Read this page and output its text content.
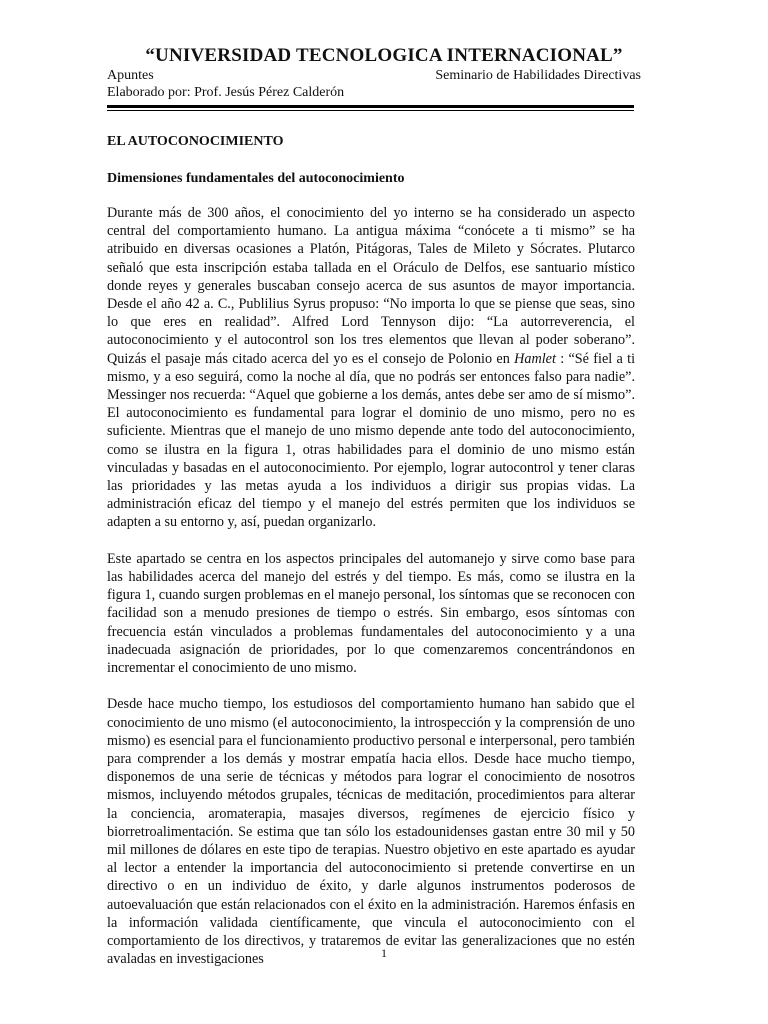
“UNIVERSIDAD TECNOLOGICA INTERNACIONAL”
Apuntes	Seminario de Habilidades Directivas
Elaborado por: Prof. Jesús Pérez Calderón
EL AUTOCONOCIMIENTO
Dimensiones fundamentales del autoconocimiento

Durante más de 300 años, el conocimiento del yo interno se ha considerado un aspecto central del comportamiento humano. La antigua máxima “conócete a ti mismo” se ha atribuido en diversas ocasiones a Platón, Pitágoras, Tales de Mileto y Sócrates. Plutarco señaló que esta inscripción estaba tallada en el Oráculo de Delfos, ese santuario místico donde reyes y generales buscaban consejo acerca de sus asuntos de mayor importancia. Desde el año 42 a. C., Publilius Syrus propuso: “No importa lo que se piense que seas, sino lo que eres en realidad”. Alfred Lord Tennyson dijo: “La autorreverencia, el autoconocimiento y el autocontrol son los tres elementos que llevan al poder soberano”. Quizás el pasaje más citado acerca del yo es el consejo de Polonio en Hamlet : “Sé fiel a ti mismo, y a eso seguirá, como la noche al día, que no podrás ser entonces falso para nadie”. Messinger nos recuerda: “Aquel que gobierne a los demás, antes debe ser amo de sí mismo”. El autoconocimiento es fundamental para lograr el dominio de uno mismo, pero no es suficiente. Mientras que el manejo de uno mismo depende ante todo del autoconocimiento, como se ilustra en la figura 1, otras habilidades para el dominio de uno mismo están vinculadas y basadas en el autoconocimiento. Por ejemplo, lograr autocontrol y tener claras las prioridades y las metas ayuda a los individuos a dirigir sus propias vidas. La administración eficaz del tiempo y el manejo del estrés permiten que los individuos se adapten a su entorno y, así, puedan organizarlo.

Este apartado se centra en los aspectos principales del automanejo y sirve como base para las habilidades acerca del manejo del estrés y del tiempo. Es más, como se ilustra en la figura 1, cuando surgen problemas en el manejo personal, los síntomas que se reconocen con facilidad son a menudo presiones de tiempo o estrés. Sin embargo, esos síntomas con frecuencia están vinculados a problemas fundamentales del autoconocimiento y a una inadecuada asignación de prioridades, por lo que comenzaremos concentrándonos en incrementar el conocimiento de uno mismo.

Desde hace mucho tiempo, los estudiosos del comportamiento humano han sabido que el conocimiento de uno mismo (el autoconocimiento, la introspección y la comprensión de uno mismo) es esencial para el funcionamiento productivo personal e interpersonal, pero también para comprender a los demás y mostrar empatía hacia ellos. Desde hace mucho tiempo, disponemos de una serie de técnicas y métodos para lograr el conocimiento de nosotros mismos, incluyendo métodos grupales, técnicas de meditación, procedimientos para alterar la conciencia, aromaterapia, masajes diversos, regímenes de ejercicio físico y biorretroalimentación. Se estima que tan sólo los estadounidenses gastan entre 30 mil y 50 mil millones de dólares en este tipo de terapias. Nuestro objetivo en este apartado es ayudar al lector a entender la importancia del autoconocimiento si pretende convertirse en un directivo o en un individuo de éxito, y darle algunos instrumentos poderosos de autoevaluación que están relacionados con el éxito en la administración. Haremos énfasis en la información validada científicamente, que vincula el autoconocimiento con el comportamiento de los directivos, y trataremos de evitar las generalizaciones que no estén avaladas en investigaciones	1
